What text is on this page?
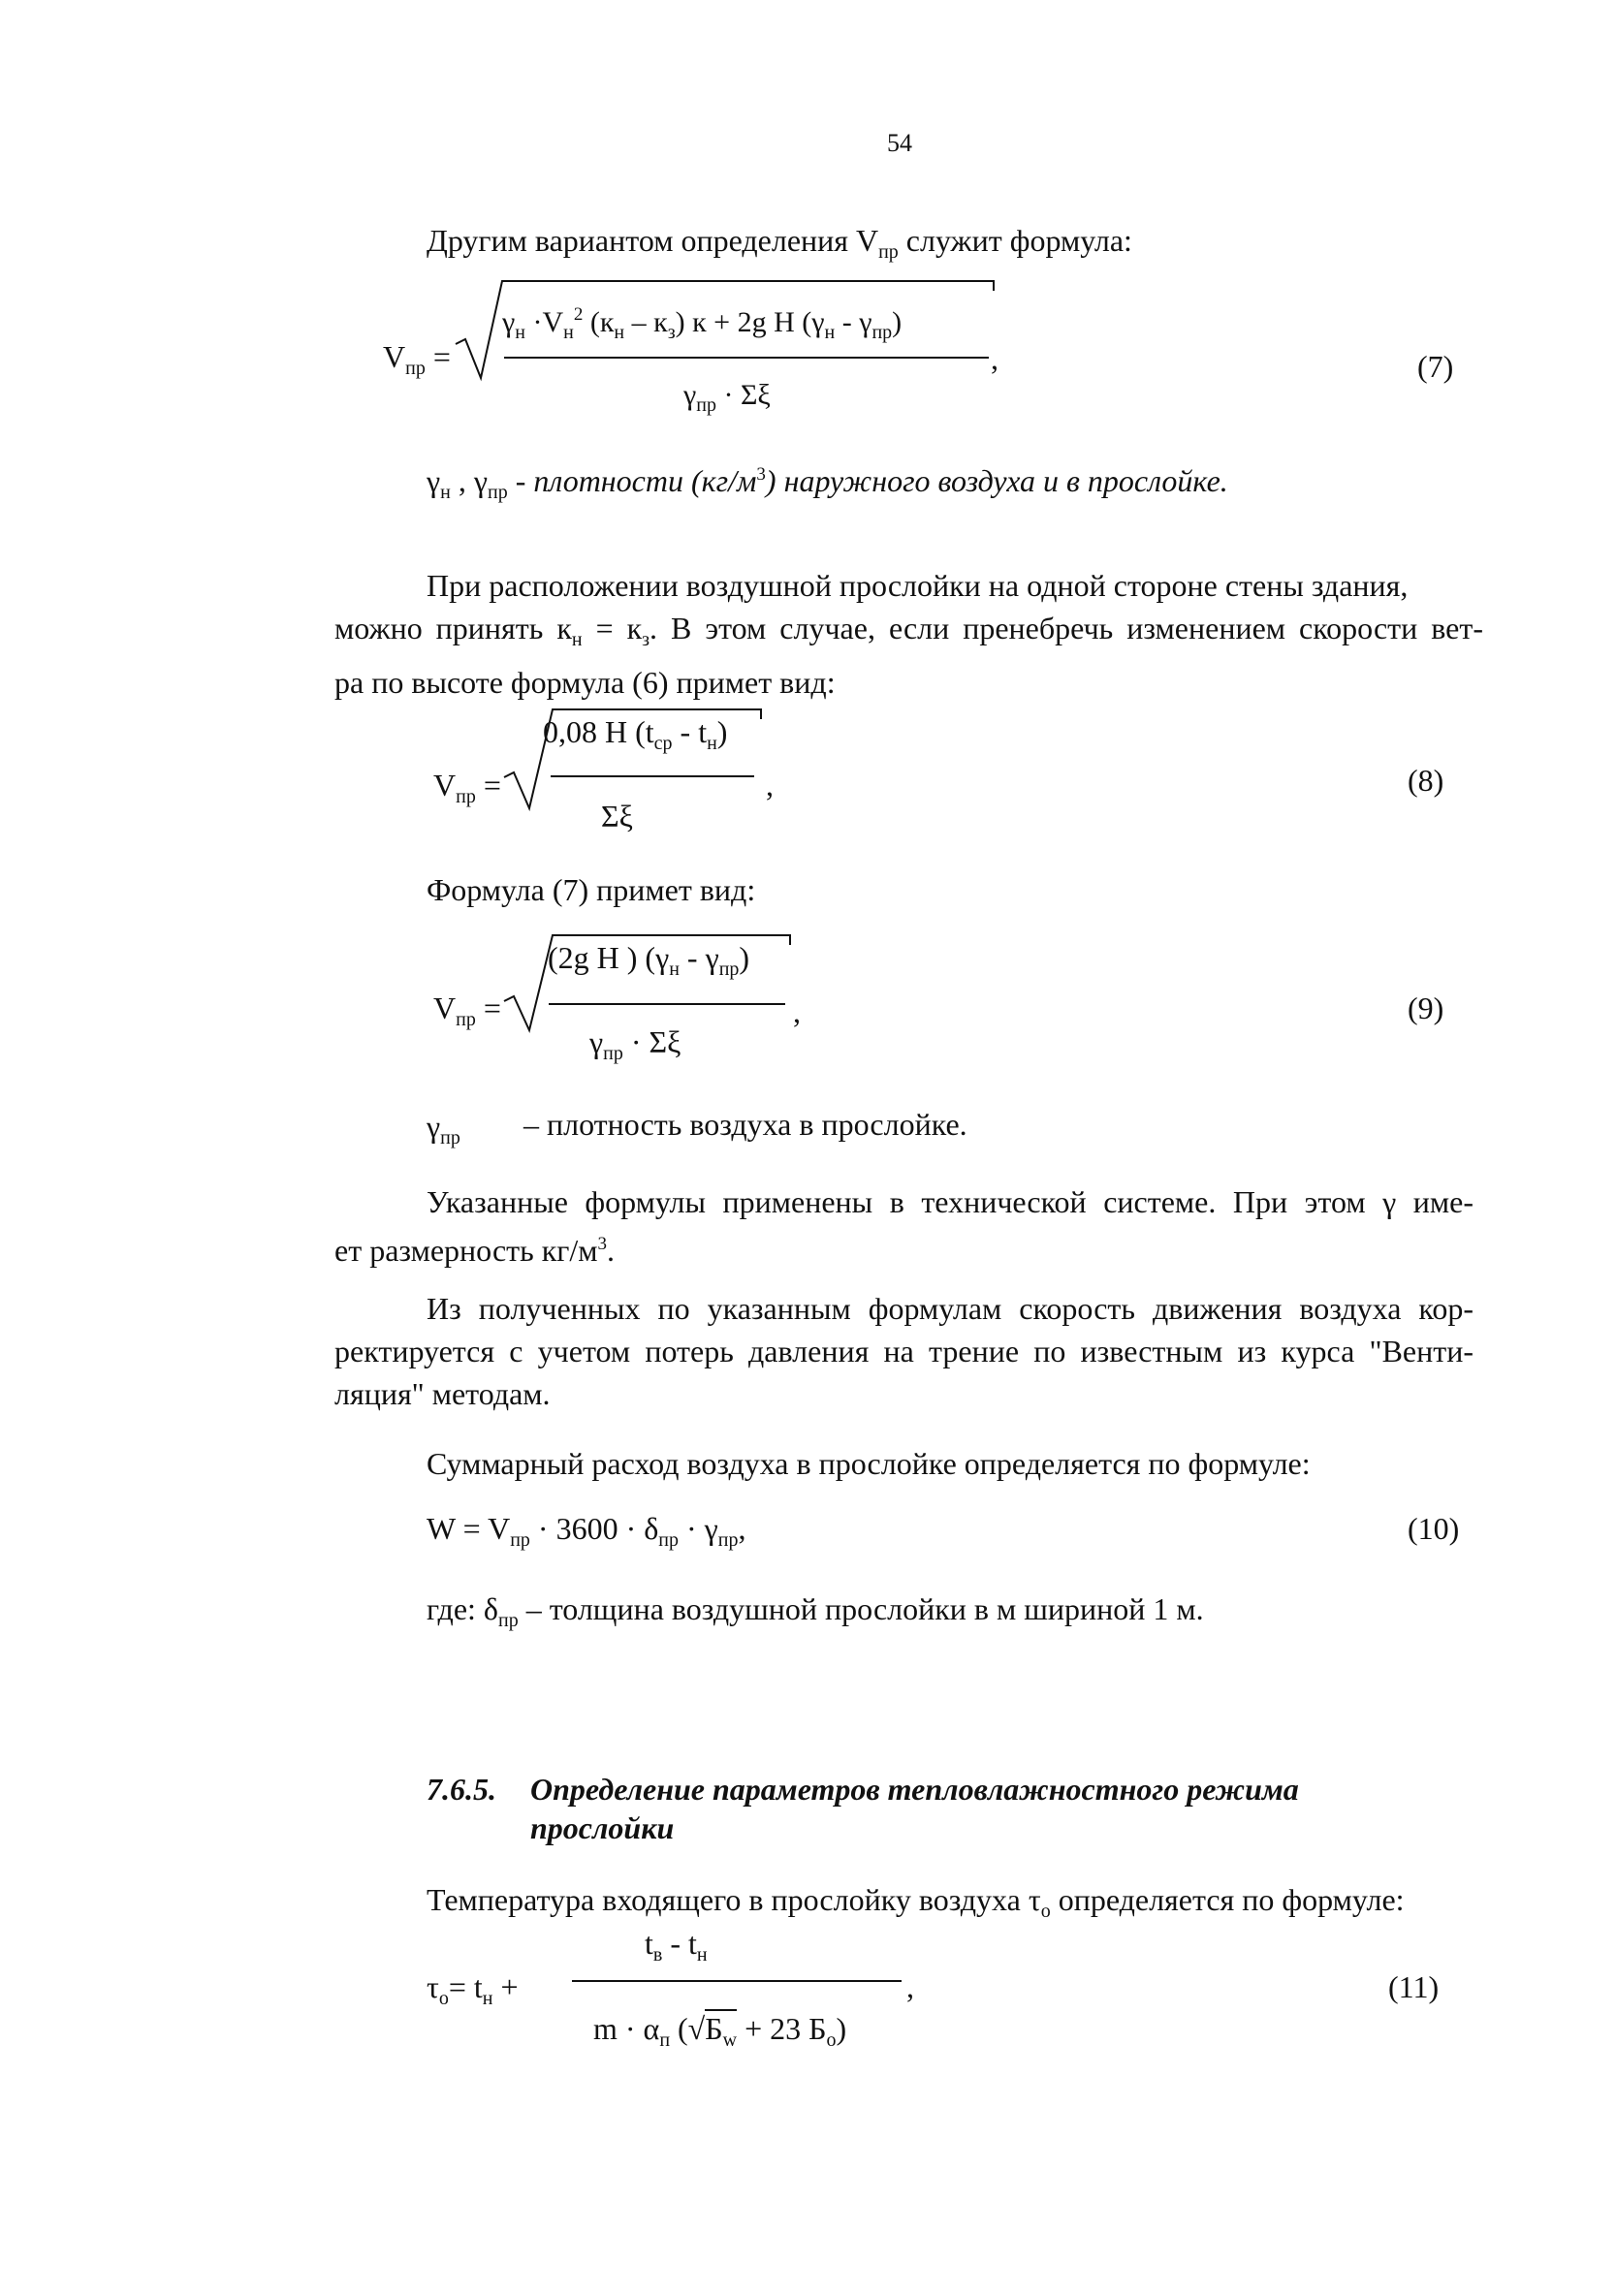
54
Другим вариантом определения $V_{пр}$ служит формула:
$V_{пр}$ =
$\gamma_н \cdot V_н^2$ $(к_н - к_з) к + 2g$ H $(\gamma_н - \gamma_{пр})$
,
$\gamma_{пр} \cdot \Sigma\xi$
(7)
$\gamma_н$ , $\gamma_{пр}$ - плотности $(кг/м^3)$ наружного воздуха и в прослойке.
При расположении воздушной прослойки на одной стороне стены здания,
можно принять $к_н = к_з$. В этом случае, если пренебречь изменением скорости вет-
ра по высоте формула (6) примет вид:
$V_{пр}$ =
0,08 H $(t_{ср} - t_н)$
,
Σξ
(8)
Формула (7) примет вид:
$V_{пр}$ =
(2g H ) $(\gamma_н - \gamma_{пр})$
,
$\gamma_{пр} \cdot \Sigma\xi$
(9)
$\gamma_{пр}$ – плотность воздуха в прослойке.
Указанные формулы применены в технической системе. При этом γ име-
ет размерность $кг/м^3$.
Из полученных по указанным формулам скорость движения воздуха кор-
ректируется с учетом потерь давления на трение по известным из курса "Венти-
ляция" методам.
Суммарный расход воздуха в прослойке определяется по формуле:
$W = V_{пр} \cdot 3600 \cdot \delta_{пр} \cdot \gamma_{пр}$,	(10)
где: $\delta_{пр}$ – толщина воздушной прослойки в м шириной 1 м.
7.6.5. Определение параметров тепловлажностного режима
прослойки
Температура входящего в прослойку воздуха $\tau_о$ определяется по формуле:
$\tau_о= t_н$ +
$t_в - t_н$
,
$m \cdot \alpha_п$ ($√Б_w + 23$ $Б_о$)
(11)
